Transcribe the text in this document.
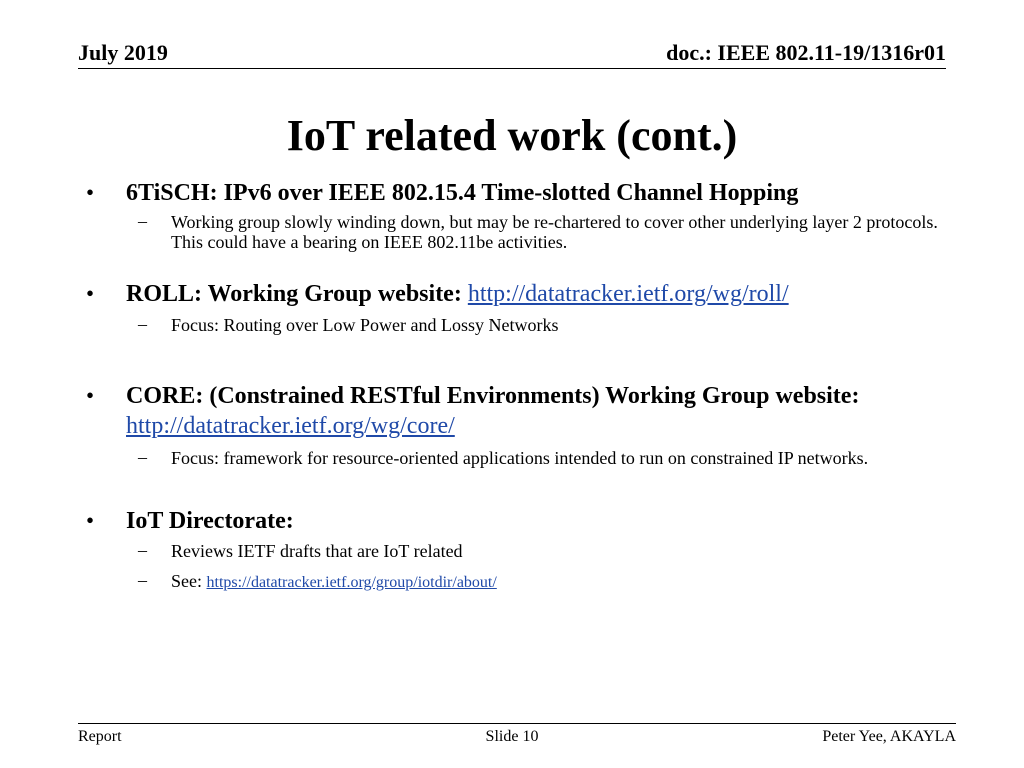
July 2019	doc.: IEEE 802.11-19/1316r01
IoT related work (cont.)
• 6TiSCH: IPv6 over IEEE 802.15.4 Time-slotted Channel Hopping
– Working group slowly winding down, but may be re-chartered to cover other underlying layer 2 protocols. This could have a bearing on IEEE 802.11be activities.
• ROLL: Working Group website: http://datatracker.ietf.org/wg/roll/
– Focus: Routing over Low Power and Lossy Networks
• CORE: (Constrained RESTful Environments) Working Group website:
http://datatracker.ietf.org/wg/core/
– Focus: framework for resource-oriented applications intended to run on constrained IP networks.
• IoT Directorate:
– Reviews IETF drafts that are IoT related
– See: https://datatracker.ietf.org/group/iotdir/about/
Report	Slide 10	Peter Yee, AKAYLA
